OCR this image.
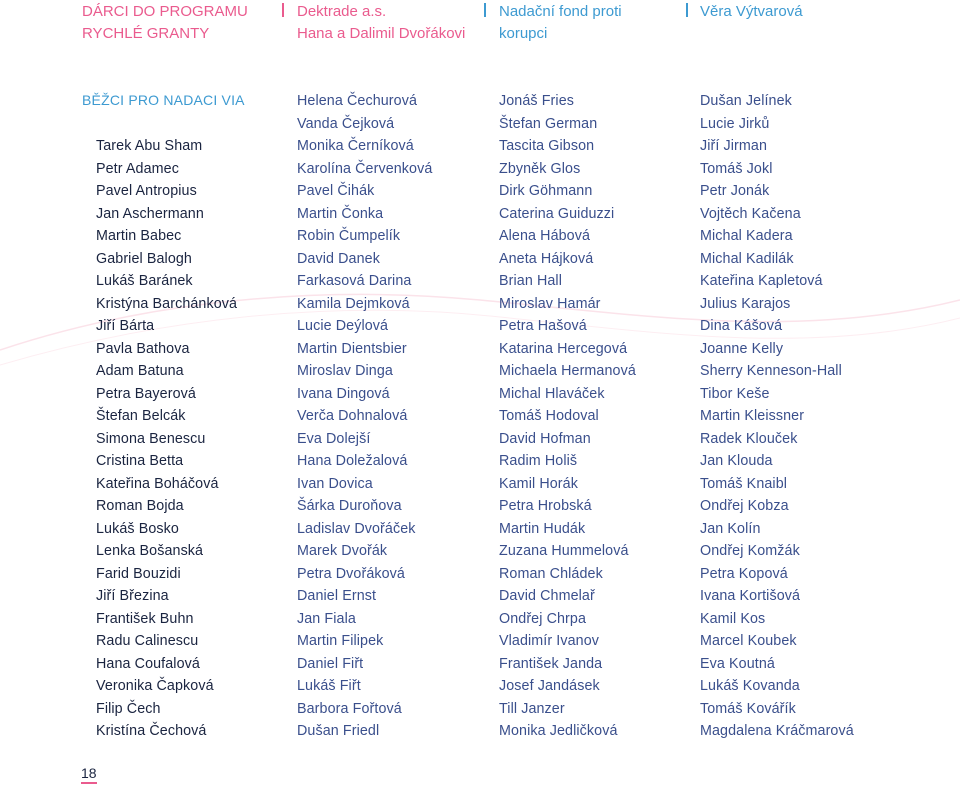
DÁRCI DO PROGRAMU
RYCHLÉ GRANTY
Dektrade a.s.
Hana a Dalimil Dvořákovi
Nadační fond proti
korupci
Věra Výtvarová
BĚŽCI PRO NADACI VIA
Tarek Abu Sham
Petr Adamec
Pavel Antropius
Jan Aschermann
Martin Babec
Gabriel Balogh
Lukáš Baránek
Kristýna Barchánková
Jiří Bárta
Pavla Bathova
Adam Batuna
Petra Bayerová
Štefan Belcák
Simona Benescu
Cristina Betta
Kateřina Boháčová
Roman Bojda
Lukáš Bosko
Lenka Bošanská
Farid Bouzidi
Jiří Březina
František Buhn
Radu Calinescu
Hana Coufalová
Veronika Čapková
Filip Čech
Kristína Čechová
Helena Čechurová
Vanda Čejková
Monika Černíková
Karolína Červenková
Pavel Čihák
Martin Čonka
Robin Čumpelík
David Danek
Farkasová Darina
Kamila Dejmková
Lucie Deýlová
Martin Dientsbier
Miroslav Dinga
Ivana Dingová
Verča Dohnalová
Eva Dolejší
Hana Doležalová
Ivan Dovica
Šárka Duroňova
Ladislav Dvořáček
Marek Dvořák
Petra Dvořáková
Daniel Ernst
Jan Fiala
Martin Filipek
Daniel Fiřt
Lukáš Fiřt
Barbora Fořtová
Dušan Friedl
Jonáš Fries
Štefan German
Tascita Gibson
Zbyněk Glos
Dirk Göhmann
Caterina Guiduzzi
Alena Hábová
Aneta Hájková
Brian Hall
Miroslav Hamár
Petra Hašová
Katarina Hercegová
Michaela Hermanová
Michal Hlaváček
Tomáš Hodoval
David Hofman
Radim Holiš
Kamil Horák
Petra Hrobská
Martin Hudák
Zuzana Hummelová
Roman Chládek
David Chmelař
Ondřej Chrpa
Vladimír Ivanov
František Janda
Josef Jandásek
Till Janzer
Monika Jedličková
Dušan Jelínek
Lucie Jirků
Jiří Jirman
Tomáš Jokl
Petr Jonák
Vojtěch Kačena
Michal Kadera
Michal Kadilák
Kateřina Kapletová
Julius Karajos
Dina Kášová
Joanne Kelly
Sherry Kenneson-Hall
Tibor Keše
Martin Kleissner
Radek Klouček
Jan Klouda
Tomáš Knaibl
Ondřej Kobza
Jan Kolín
Ondřej Komžák
Petra Kopová
Ivana Kortišová
Kamil Kos
Marcel Koubek
Eva Koutná
Lukáš Kovanda
Tomáš Kovářík
Magdalena Kráčmarová
18
